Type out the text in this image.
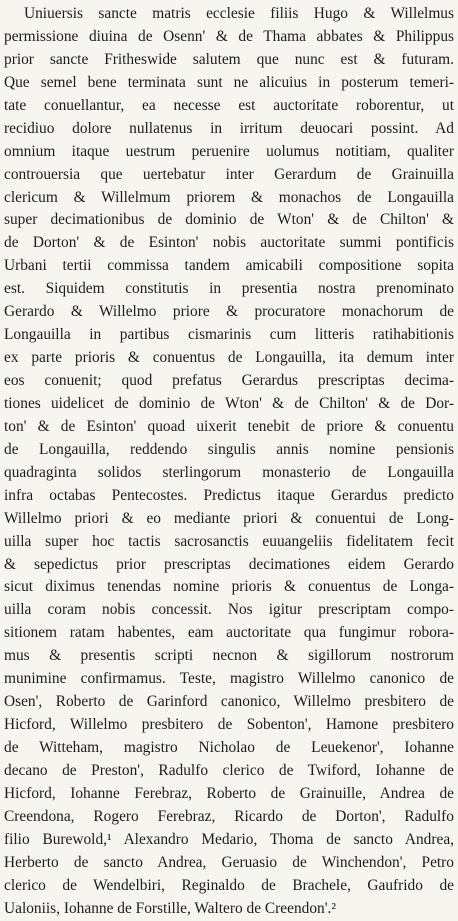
Uniuersis sancte matris ecclesie filiis Hugo & Willelmus
permissione diuina de Osenn' & de Thama abbates & Philippus
prior sancte Fritheswide salutem que nunc est & futuram.
Que semel bene terminata sunt ne alicuius in posterum temeri-
tate conuellantur, ea necesse est auctoritate roborentur, ut
recidiuo dolore nullatenus in irritum deuocari possint. Ad
omnium itaque uestrum peruenire uolumus notitiam, qualiter
controuersia que uertebatur inter Gerardum de Grainuilla
clericum & Willelmum priorem & monachos de Longauilla
super decimationibus de dominio de Wton' & de Chilton' &
de Dorton' & de Esinton' nobis auctoritate summi pontificis
Urbani tertii commissa tandem amicabili compositione sopita
est. Siquidem constitutis in presentia nostra prenominato
Gerardo & Willelmo priore & procuratore monachorum de
Longauilla in partibus cismarinis cum litteris ratihabitionis
ex parte prioris & conuentus de Longauilla, ita demum inter
eos conuenit; quod prefatus Gerardus prescriptas decima-
tiones uidelicet de dominio de Wton' & de Chilton' & de Dor-
ton' & de Esinton' quoad uixerit tenebit de priore & conuentu
de Longauilla, reddendo singulis annis nomine pensionis
quadraginta solidos sterlingorum monasterio de Longauilla
infra octabas Pentecostes. Predictus itaque Gerardus predicto
Willelmo priori & eo mediante priori & conuentui de Long-
uilla super hoc tactis sacrosanctis euuangeliis fidelitatem fecit
& sepedictus prior prescriptas decimationes eidem Gerardo
sicut diximus tenendas nomine prioris & conuentus de Longa-
uilla coram nobis concessit. Nos igitur prescriptam compo-
sitionem ratam habentes, eam auctoritate qua fungimur robora-
mus & presentis scripti necnon & sigillorum nostrorum
munimine confirmamus. Teste, magistro Willelmo canonico de
Osen', Roberto de Garinford canonico, Willelmo presbitero de
Hicford, Willelmo presbitero de Sobenton', Hamone presbitero
de Witteham, magistro Nicholao de Leuekenor', Iohanne
decano de Preston', Radulfo clerico de Twiford, Iohanne de
Hicford, Iohanne Ferebraz, Roberto de Grainuille, Andrea de
Creendona, Rogero Ferebraz, Ricardo de Dorton', Radulfo
filio Burewold,¹ Alexandro Medario, Thoma de sancto Andrea,
Herberto de sancto Andrea, Geruasio de Winchendon', Petro
clerico de Wendelbiri, Reginaldo de Brachele, Gaufrido de
Ualoniis, Iohanne de Forstille, Waltero de Creendon'.²
